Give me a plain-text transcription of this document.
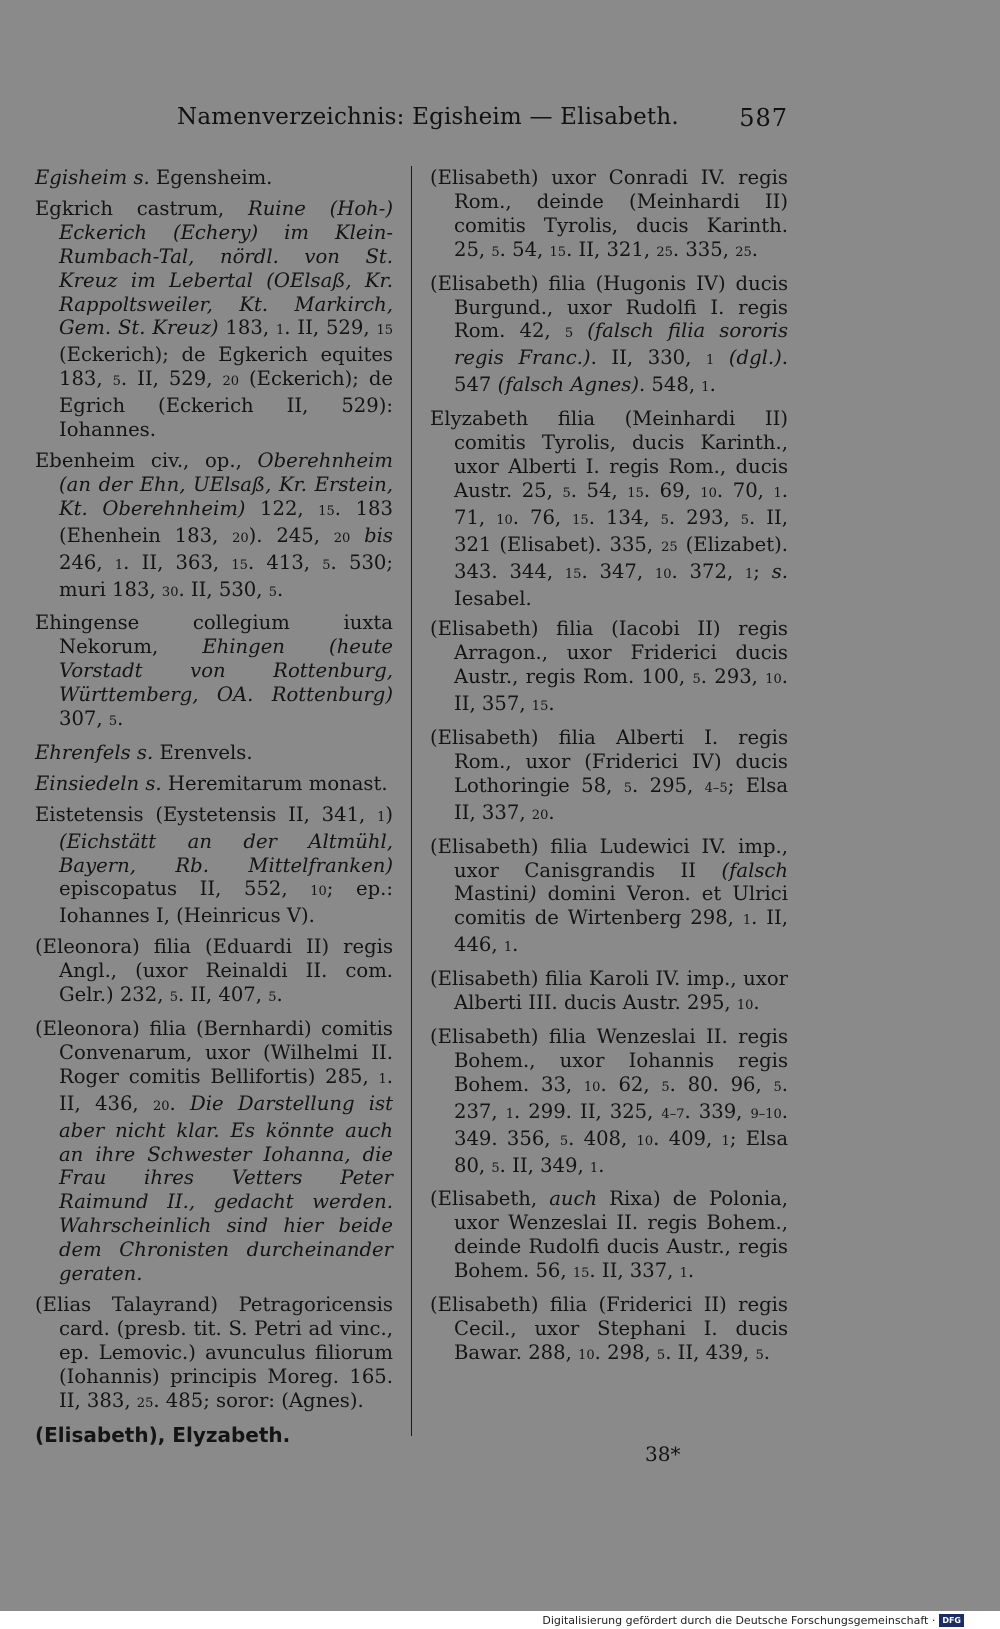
Namenverzeichnis: Egisheim — Elisabeth.	587
Egisheim s. Egensheim.
Egkrich castrum, Ruine (Hoh-) Eckerich (Echery) im Klein-Rumbach-Tal, nördl. von St. Kreuz im Lebertal (OElsaß, Kr. Rappoltsweiler, Kt. Markirch, Gem. St. Kreuz) 183, 1. II, 529, 15 (Eckerich); de Egkerich equites 183, 5. II, 529, 20 (Eckerich); de Egrich (Eckerich II, 529): Iohannes.
Ebenheim civ., op., Oberehnheim (an der Ehn, UElsaß, Kr. Erstein, Kt. Oberehnheim) 122, 15. 183 (Ehenhein 183, 20). 245, 20 bis 246, 1. II, 363, 15. 413, 5. 530; muri 183, 30. II, 530, 5.
Ehingense collegium iuxta Nekorum, Ehingen (heute Vorstadt von Rottenburg, Württemberg, OA. Rottenburg) 307, 5.
Ehrenfels s. Erenvels.
Einsiedeln s. Heremitarum monast.
Eistetensis (Eystetensis II, 341, 1) (Eichstätt an der Altmühl, Bayern, Rb. Mittelfranken) episcopatus II, 552, 10; ep.: Iohannes I, (Heinricus V).
(Eleonora) filia (Eduardi II) regis Angl., (uxor Reinaldi II. com. Gelr.) 232, 5. II, 407, 5.
(Eleonora) filia (Bernhardi) comitis Convenarum, uxor (Wilhelmi II. Roger comitis Bellifortis) 285, 1. II, 436, 20. Die Darstellung ist aber nicht klar. Es könnte auch an ihre Schwester Iohanna, die Frau ihres Vetters Peter Raimund II., gedacht werden. Wahrscheinlich sind hier beide dem Chronisten durcheinander geraten.
(Elias Talayrand) Petragoricensis card. (presb. tit. S. Petri ad vinc., ep. Lemovic.) avunculus filiorum (Iohannis) principis Moreg. 165. II, 383, 25. 485; soror: (Agnes).
(Elisabeth), Elyzabeth.
(Elisabeth) uxor Conradi IV. regis Rom., deinde (Meinhardi II) comitis Tyrolis, ducis Karinth. 25, 5. 54, 15. II, 321, 25. 335, 25.
(Elisabeth) filia (Hugonis IV) ducis Burgund., uxor Rudolfi I. regis Rom. 42, 5 (falsch filia sororis regis Franc.). II, 330, 1 (dgl.). 547 (falsch Agnes). 548, 1.
Elyzabeth filia (Meinhardi II) comitis Tyrolis, ducis Karinth., uxor Alberti I. regis Rom., ducis Austr. 25, 5. 54, 15. 69, 10. 70, 1. 71, 10. 76, 15. 134, 5. 293, 5. II, 321 (Elisabet). 335, 25 (Elizabet). 343. 344, 15. 347, 10. 372, 1; s. Iesabel.
(Elisabeth) filia (Iacobi II) regis Arragon., uxor Friderici ducis Austr., regis Rom. 100, 5. 293, 10. II, 357, 15.
(Elisabeth) filia Alberti I. regis Rom., uxor (Friderici IV) ducis Lothoringie 58, 5. 295, 4–5; Elsa II, 337, 20.
(Elisabeth) filia Ludewici IV. imp., uxor Canisgrandis II (falsch Mastini) domini Veron. et Ulrici comitis de Wirtenberg 298, 1. II, 446, 1.
(Elisabeth) filia Karoli IV. imp., uxor Alberti III. ducis Austr. 295, 10.
(Elisabeth) filia Wenzeslai II. regis Bohem., uxor Iohannis regis Bohem. 33, 10. 62, 5. 80. 96, 5. 237, 1. 299. II, 325, 4–7. 339, 9–10. 349. 356, 5. 408, 10. 409, 1; Elsa 80, 5. II, 349, 1.
(Elisabeth, auch Rixa) de Polonia, uxor Wenzeslai II. regis Bohem., deinde Rudolfi ducis Austr., regis Bohem. 56, 15. II, 337, 1.
(Elisabeth) filia (Friderici II) regis Cecil., uxor Stephani I. ducis Bawar. 288, 10. 298, 5. II, 439, 5.
38*
Digitalisierung gefördert durch die Deutsche Forschungsgemeinschaft · DFG
